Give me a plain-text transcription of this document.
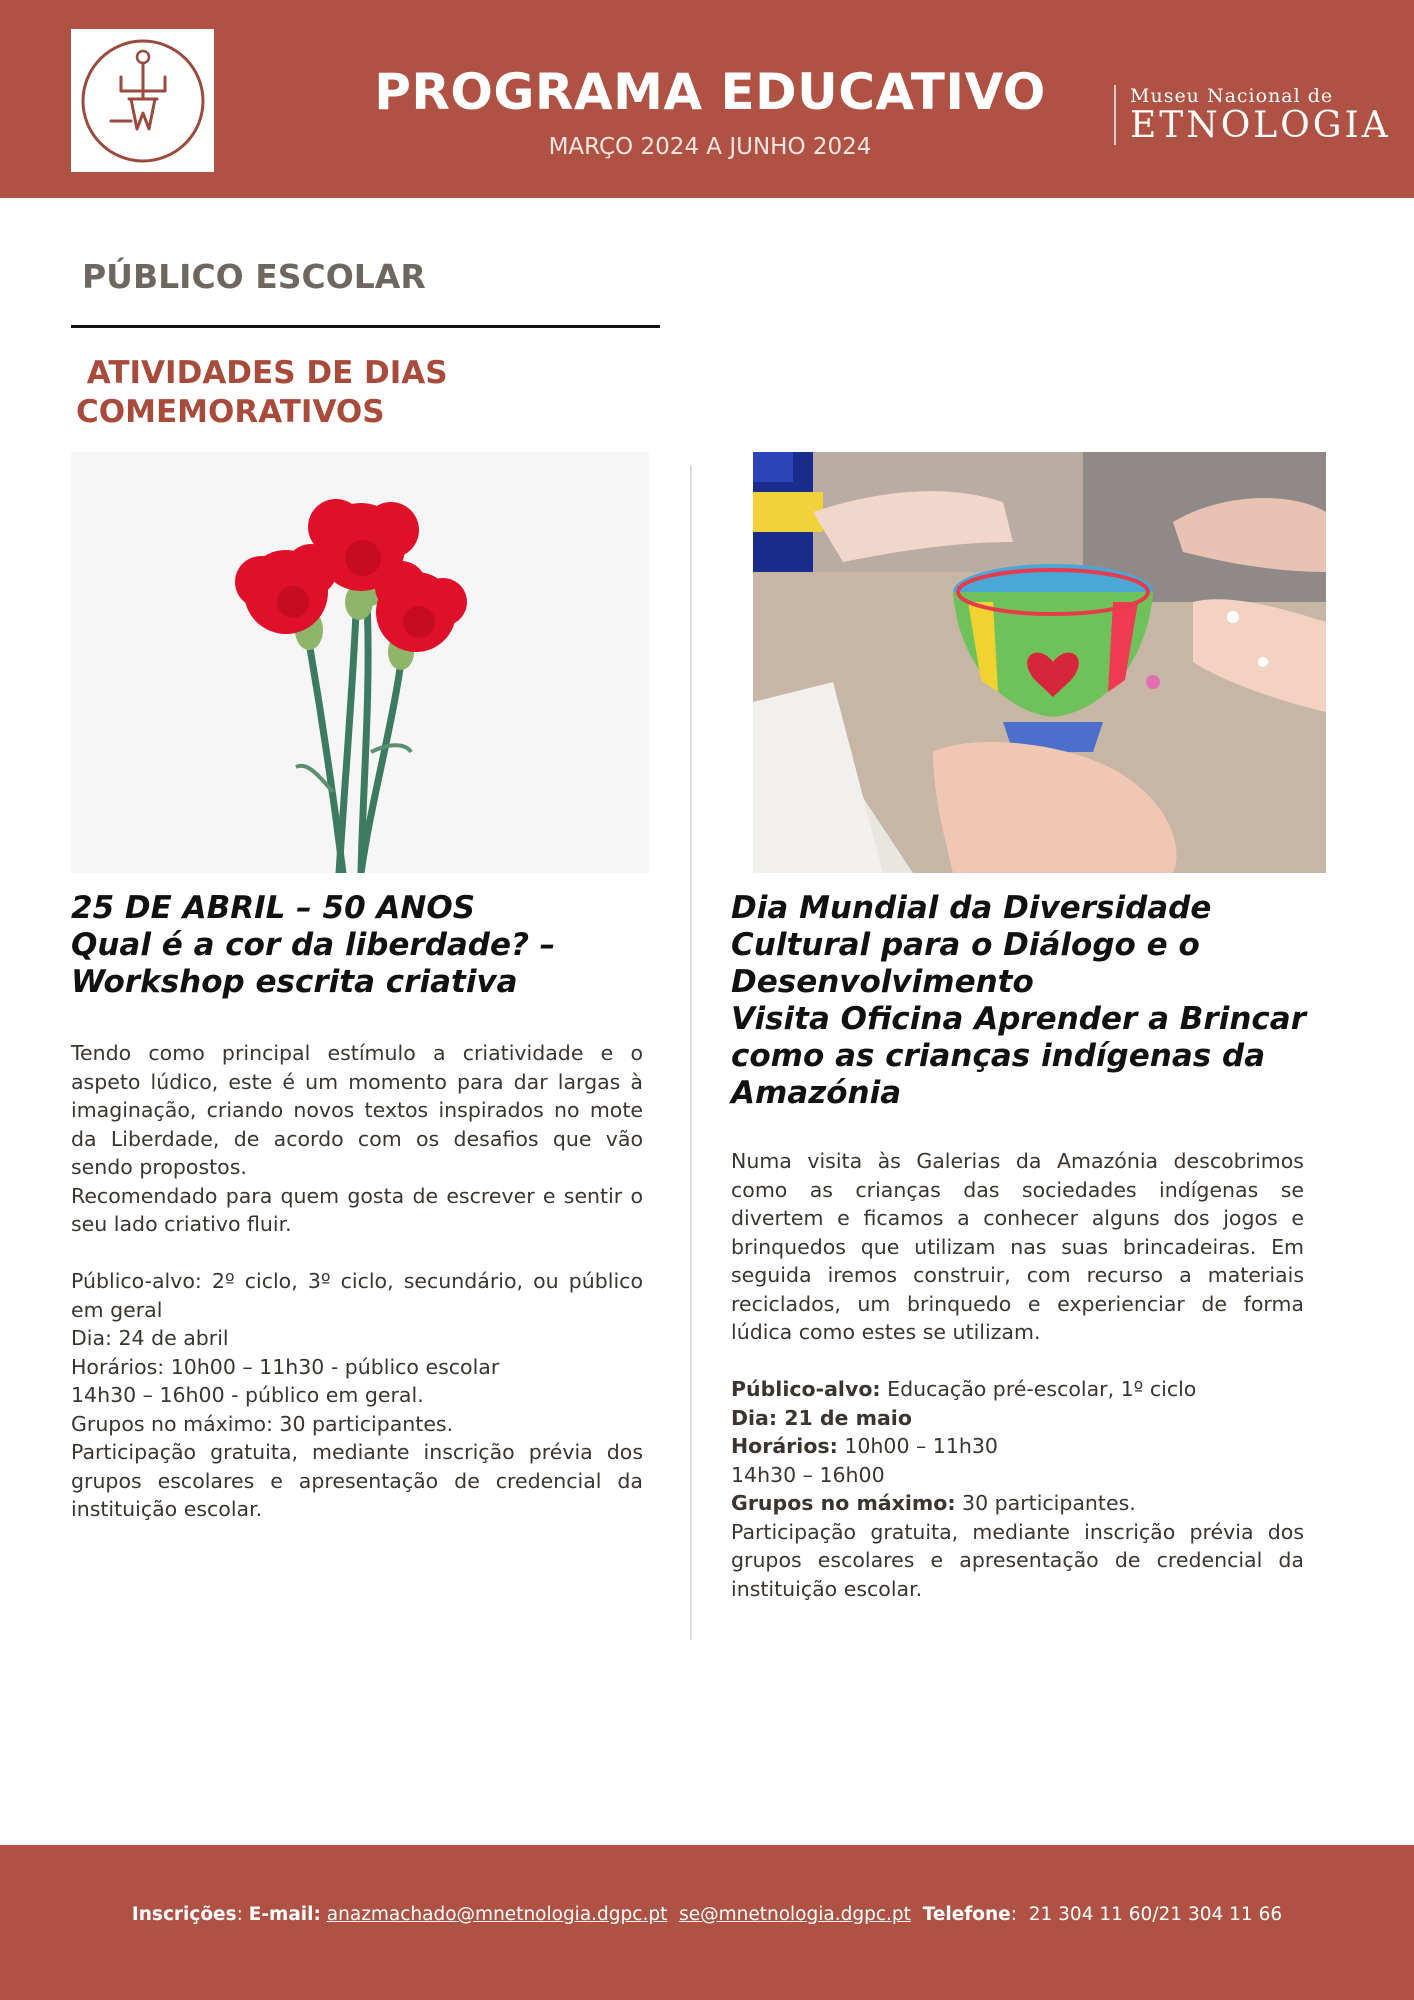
PROGRAMA EDUCATIVO
MARÇO 2024 A JUNHO 2024
Museu Nacional de
ETNOLOGIA
PÚBLICO ESCOLAR
ATIVIDADES DE DIAS
COMEMORATIVOS
25 DE ABRIL – 50 ANOS
Qual é a cor da liberdade? –
Workshop escrita criativa

Tendo como principal estímulo a criatividade e o aspeto lúdico, este é um momento para dar largas à imaginação, criando novos textos inspirados no mote da Liberdade, de acordo com os desafios que vão sendo propostos.

Recomendado para quem gosta de escrever e sentir o seu lado criativo fluir.

Público-alvo: 2º ciclo, 3º ciclo, secundário, ou público em geral

Dia: 24 de abril
Horários: 10h00 – 11h30 - público escolar
14h30 – 16h00 - público em geral.
Grupos no máximo: 30 participantes.

Participação gratuita, mediante inscrição prévia dos grupos escolares e apresentação de credencial da instituição escolar.

Dia Mundial da Diversidade
Cultural para o Diálogo e o
Desenvolvimento
Visita Oficina Aprender a Brincar
como as crianças indígenas da
Amazónia

Numa visita às Galerias da Amazónia descobrimos como as crianças das sociedades indígenas se divertem e ficamos a conhecer alguns dos jogos e brinquedos que utilizam nas suas brincadeiras. Em seguida iremos construir, com recurso a materiais reciclados, um brinquedo e experienciar de forma lúdica como estes se utilizam.

Público-alvo: Educação pré-escolar, 1º ciclo
Dia: 21 de maio
Horários: 10h00 – 11h30
14h30 – 16h00
Grupos no máximo: 30 participantes.

Participação gratuita, mediante inscrição prévia dos grupos escolares e apresentação de credencial da instituição escolar.

Inscrições: E-mail: anazmachado@mnetnologia.dgpc.pt se@mnetnologia.dgpc.pt Telefone:  21 304 11 60/21 304 11 66
